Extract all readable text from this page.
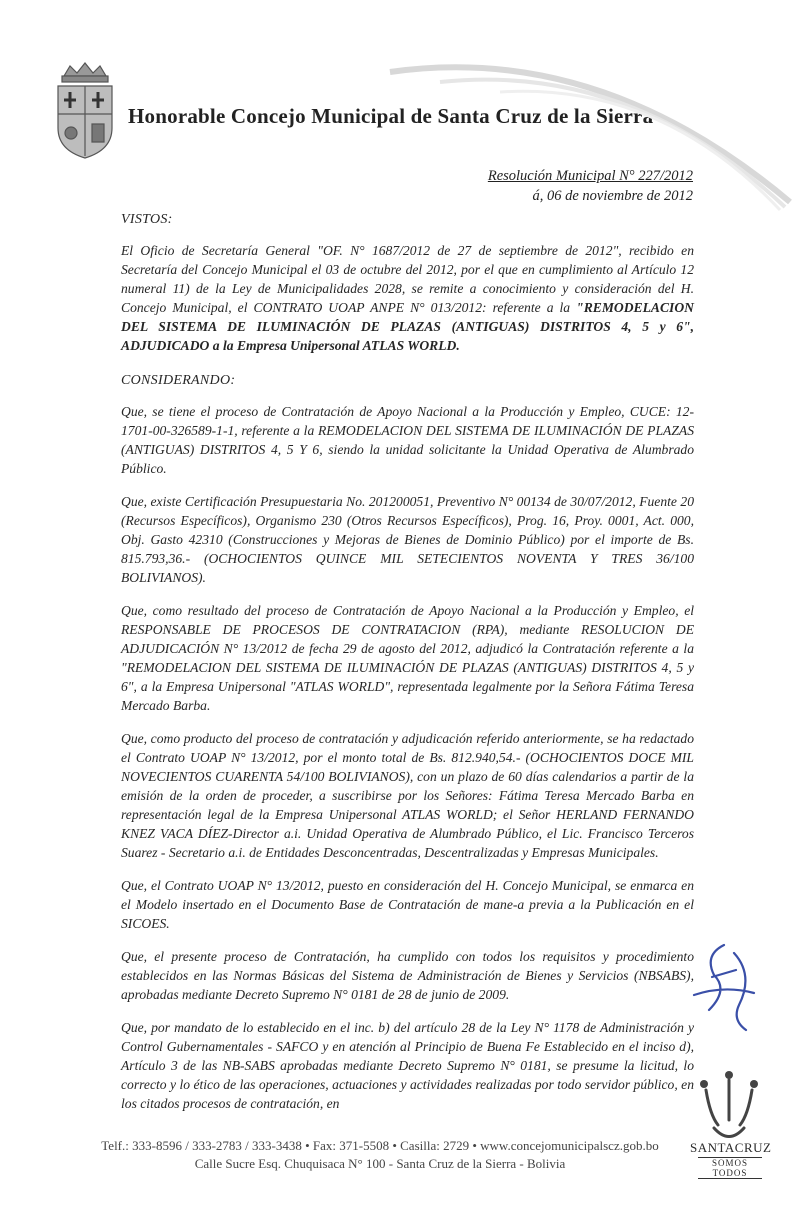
Honorable Concejo Municipal de Santa Cruz de la Sierra
Resolución Municipal N° 227/2012
á, 06 de noviembre de 2012
VISTOS:

El Oficio de Secretaría General "OF. N° 1687/2012 de 27 de septiembre de 2012", recibido en Secretaría del Concejo Municipal el 03 de octubre del 2012, por el que en cumplimiento al Artículo 12 numeral 11) de la Ley de Municipalidades 2028, se remite a conocimiento y consideración del H. Concejo Municipal, el CONTRATO UOAP ANPE N° 013/2012: referente a la "REMODELACION DEL SISTEMA DE ILUMINACIÓN DE PLAZAS (ANTIGUAS) DISTRITOS 4, 5 y 6", ADJUDICADO a la Empresa Unipersonal ATLAS WORLD.

CONSIDERANDO:

Que, se tiene el proceso de Contratación de Apoyo Nacional a la Producción y Empleo, CUCE: 12-1701-00-326589-1-1, referente a la REMODELACION DEL SISTEMA DE ILUMINACIÓN DE PLAZAS (ANTIGUAS) DISTRITOS 4, 5 Y 6, siendo la unidad solicitante la Unidad Operativa de Alumbrado Público.

Que, existe Certificación Presupuestaria No. 201200051, Preventivo N° 00134 de 30/07/2012, Fuente 20 (Recursos Específicos), Organismo 230 (Otros Recursos Específicos), Prog. 16, Proy. 0001, Act. 000, Obj. Gasto 42310 (Construcciones y Mejoras de Bienes de Dominio Público) por el importe de Bs. 815.793,36.- (OCHOCIENTOS QUINCE MIL SETECIENTOS NOVENTA Y TRES 36/100 BOLIVIANOS).

Que, como resultado del proceso de Contratación de Apoyo Nacional a la Producción y Empleo, el RESPONSABLE DE PROCESOS DE CONTRATACION (RPA), mediante RESOLUCION DE ADJUDICACIÓN N° 13/2012 de fecha 29 de agosto del 2012, adjudicó la Contratación referente a la "REMODELACION DEL SISTEMA DE ILUMINACIÓN DE PLAZAS (ANTIGUAS) DISTRITOS 4, 5 y 6", a la Empresa Unipersonal "ATLAS WORLD", representada legalmente por la Señora Fátima Teresa Mercado Barba.

Que, como producto del proceso de contratación y adjudicación referido anteriormente, se ha redactado el Contrato UOAP N° 13/2012, por el monto total de Bs. 812.940,54.- (OCHOCIENTOS DOCE MIL NOVECIENTOS CUARENTA 54/100 BOLIVIANOS), con un plazo de 60 días calendarios a partir de la emisión de la orden de proceder, a suscribirse por los Señores: Fátima Teresa Mercado Barba en representación legal de la Empresa Unipersonal ATLAS WORLD; el Señor HERLAND FERNANDO KNEZ VACA DÍEZ-Director a.i. Unidad Operativa de Alumbrado Público, el Lic. Francisco Terceros Suarez - Secretario a.i. de Entidades Desconcentradas, Descentralizadas y Empresas Municipales.

Que, el Contrato UOAP N° 13/2012, puesto en consideración del H. Concejo Municipal, se enmarca en el Modelo insertado en el Documento Base de Contratación de mane-a previa a la Publicación en el SICOES.

Que, el presente proceso de Contratación, ha cumplido con todos los requisitos y procedimiento establecidos en las Normas Básicas del Sistema de Administración de Bienes y Servicios (NBSABS), aprobadas mediante Decreto Supremo N° 0181 de 28 de junio de 2009.

Que, por mandato de lo establecido en el inc. b) del artículo 28 de la Ley N° 1178 de Administración y Control Gubernamentales - SAFCO y en atención al Principio de Buena Fe Establecido en el inciso d), Artículo 3 de las NB-SABS aprobadas mediante Decreto Supremo N° 0181, se presume la licitud, lo correcto y lo ético de las operaciones, actuaciones y actividades realizadas por todo servidor público, en los citados procesos de contratación, en

Telf.: 333-8596 / 333-2783 / 333-3438 • Fax: 371-5508 • Casilla: 2729 • www.concejomunicipalscz.gob.bo
Calle Sucre Esq. Chuquisaca N° 100 - Santa Cruz de la Sierra - Bolivia
SANTACRUZ
SOMOS TODOS
